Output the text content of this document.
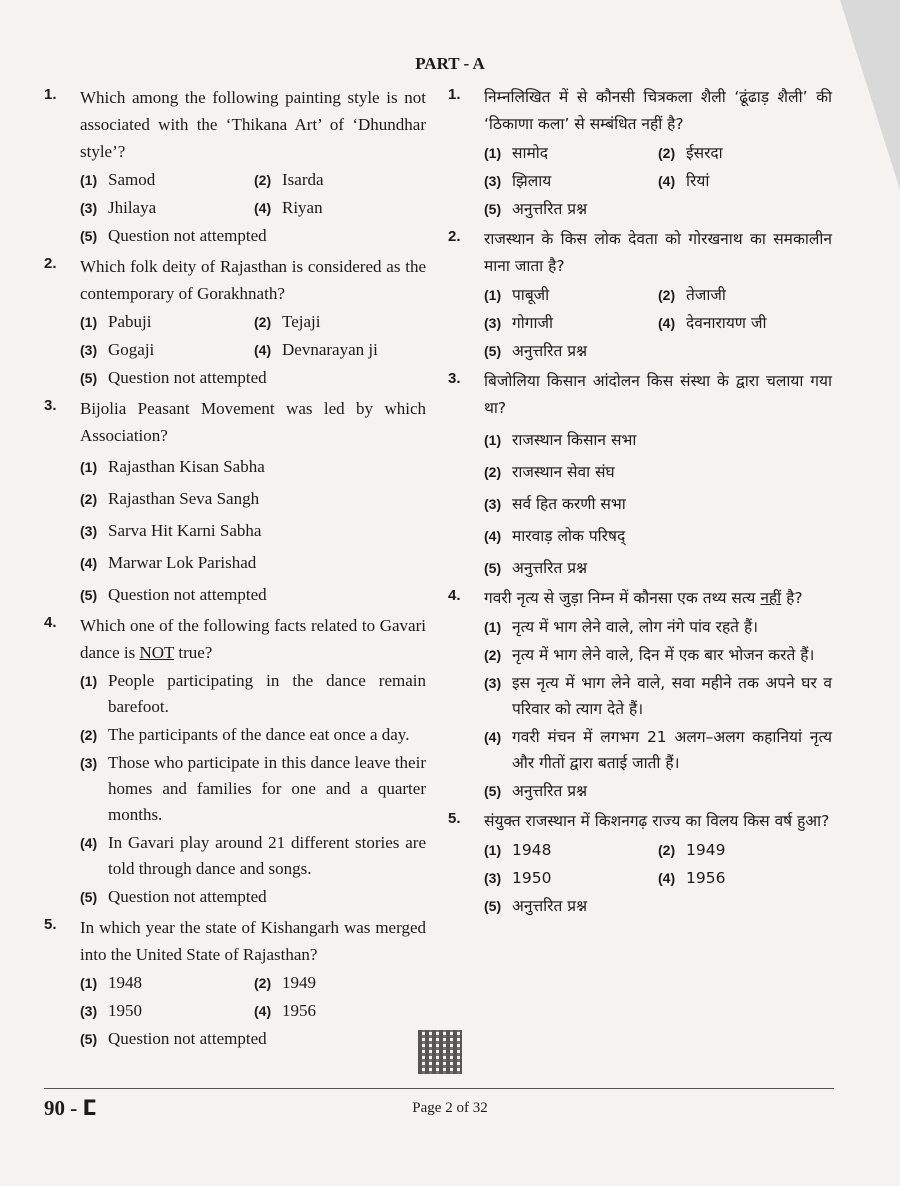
PART - A
1. Which among the following painting style is not associated with the ‘Thikana Art’ of ‘Dhundhar style’?
(1) Samod	(2) Isarda
(3) Jhilaya	(4) Riyan
(5) Question not attempted
2. Which folk deity of Rajasthan is considered as the contemporary of Gorakhnath?
(1) Pabuji	(2) Tejaji
(3) Gogaji	(4) Devnarayan ji
(5) Question not attempted
3. Bijolia Peasant Movement was led by which Association?
(1) Rajasthan Kisan Sabha
(2) Rajasthan Seva Sangh
(3) Sarva Hit Karni Sabha
(4) Marwar Lok Parishad
(5) Question not attempted
4. Which one of the following facts related to Gavari dance is NOT true?
(1) People participating in the dance remain barefoot.
(2) The participants of the dance eat once a day.
(3) Those who participate in this dance leave their homes and families for one and a quarter months.
(4) In Gavari play around 21 different stories are told through dance and songs.
(5) Question not attempted
5. In which year the state of Kishangarh was merged into the United State of Rajasthan?
(1) 1948	(2) 1949
(3) 1950	(4) 1956
(5) Question not attempted
1. निम्नलिखित में से कौनसी चित्रकला शैली ‘ढूंढाड़ शैली’ की ‘ठिकाणा कला’ से सम्बंधित नहीं है?
(1) सामोद	(2) ईसरदा
(3) झिलाय	(4) रियां
(5) अनुत्तरित प्रश्न
2. राजस्थान के किस लोक देवता को गोरखनाथ का समकालीन माना जाता है?
(1) पाबूजी	(2) तेजाजी
(3) गोगाजी	(4) देवनारायण जी
(5) अनुत्तरित प्रश्न
3. बिजोलिया किसान आंदोलन किस संस्था के द्वारा चलाया गया था?
(1) राजस्थान किसान सभा
(2) राजस्थान सेवा संघ
(3) सर्व हित करणी सभा
(4) मारवाड़ लोक परिषद्
(5) अनुत्तरित प्रश्न
4. गवरी नृत्य से जुड़ा निम्न में कौनसा एक तथ्य सत्य नहीं है?
(1) नृत्य में भाग लेने वाले, लोग नंगे पांव रहते हैं।
(2) नृत्य में भाग लेने वाले, दिन में एक बार भोजन करते हैं।
(3) इस नृत्य में भाग लेने वाले, सवा महीने तक अपने घर व परिवार को त्याग देते हैं।
(4) गवरी मंचन में लगभग 21 अलग–अलग कहानियां नृत्य और गीतों द्वारा बताई जाती हैं।
(5) अनुत्तरित प्रश्न
5. संयुक्त राजस्थान में किशनगढ़ राज्य का विलय किस वर्ष हुआ?
(1) 1948	(2) 1949
(3) 1950	(4) 1956
(5) अनुत्तरित प्रश्न
90 - ⵎ	Page 2 of 32
